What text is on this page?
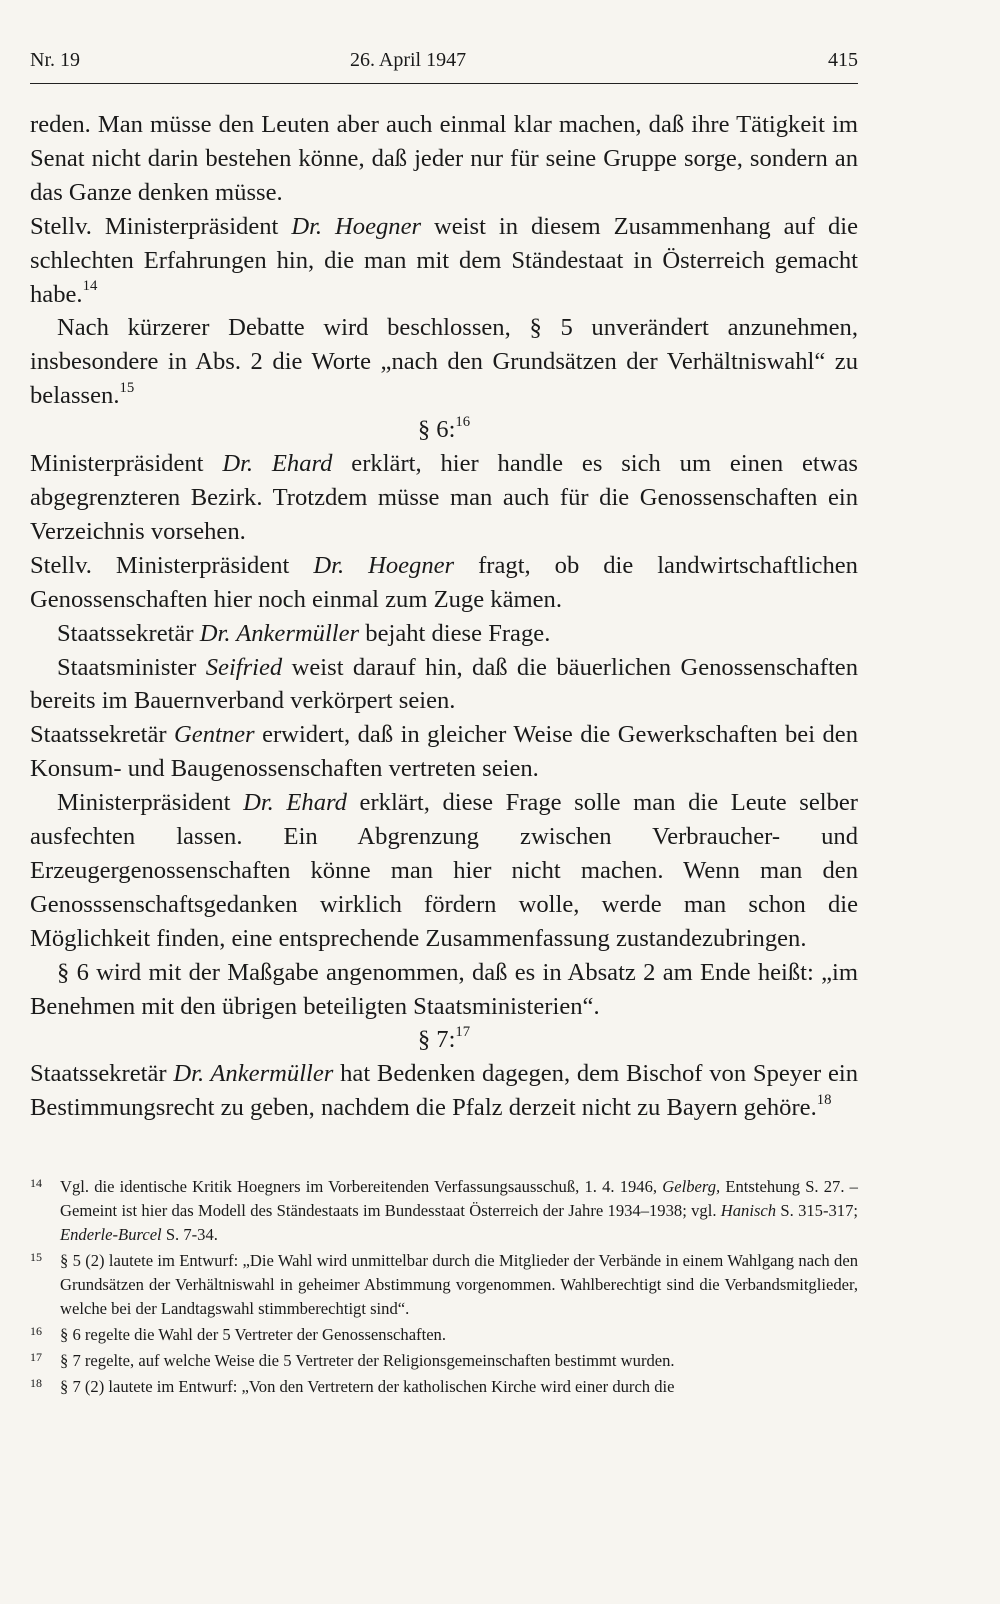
Nr. 19	26. April 1947	415

reden. Man müsse den Leuten aber auch einmal klar machen, daß ihre Tätigkeit im Senat nicht darin bestehen könne, daß jeder nur für seine Gruppe sorge, sondern an das Ganze denken müsse.

Stellv. Ministerpräsident Dr. Hoegner weist in diesem Zusammenhang auf die schlechten Erfahrungen hin, die man mit dem Ständestaat in Österreich gemacht habe.$^{14}$

Nach kürzerer Debatte wird beschlossen, § 5 unverändert anzunehmen, insbesondere in Abs. 2 die Worte „nach den Grundsätzen der Verhältniswahl“ zu belassen.$^{15}$

§ 6:$^{16}$

Ministerpräsident Dr. Ehard erklärt, hier handle es sich um einen etwas abgegrenzteren Bezirk. Trotzdem müsse man auch für die Genossenschaften ein Verzeichnis vorsehen.

Stellv. Ministerpräsident Dr. Hoegner fragt, ob die landwirtschaftlichen Genossenschaften hier noch einmal zum Zuge kämen.

Staatssekretär Dr. Ankermüller bejaht diese Frage.

Staatsminister Seifried weist darauf hin, daß die bäuerlichen Genossenschaften bereits im Bauernverband verkörpert seien.

Staatssekretär Gentner erwidert, daß in gleicher Weise die Gewerkschaften bei den Konsum- und Baugenossenschaften vertreten seien.

Ministerpräsident Dr. Ehard erklärt, diese Frage solle man die Leute selber ausfechten lassen. Ein Abgrenzung zwischen Verbraucher- und Erzeugergenossenschaften könne man hier nicht machen. Wenn man den Genosssenschaftsgedanken wirklich fördern wolle, werde man schon die Möglichkeit finden, eine entsprechende Zusammenfassung zustandezubringen.

§ 6 wird mit der Maßgabe angenommen, daß es in Absatz 2 am Ende heißt: „im Benehmen mit den übrigen beteiligten Staatsministerien“.

§ 7:$^{17}$

Staatssekretär Dr. Ankermüller hat Bedenken dagegen, dem Bischof von Speyer ein Bestimmungsrecht zu geben, nachdem die Pfalz derzeit nicht zu Bayern gehöre.$^{18}$

14 Vgl. die identische Kritik Hoegners im Vorbereitenden Verfassungsausschuß, 1. 4. 1946, Gelberg, Entstehung S. 27. – Gemeint ist hier das Modell des Ständestaats im Bundesstaat Österreich der Jahre 1934–1938; vgl. Hanisch S. 315-317; Enderle-Burcel S. 7-34.
15 § 5 (2) lautete im Entwurf: „Die Wahl wird unmittelbar durch die Mitglieder der Verbände in einem Wahlgang nach den Grundsätzen der Verhältniswahl in geheimer Abstimmung vorgenommen. Wahlberechtigt sind die Verbandsmitglieder, welche bei der Landtagswahl stimmberechtigt sind“.
16 § 6 regelte die Wahl der 5 Vertreter der Genossenschaften.
17 § 7 regelte, auf welche Weise die 5 Vertreter der Religionsgemeinschaften bestimmt wurden.
18 § 7 (2) lautete im Entwurf: „Von den Vertretern der katholischen Kirche wird einer durch die
